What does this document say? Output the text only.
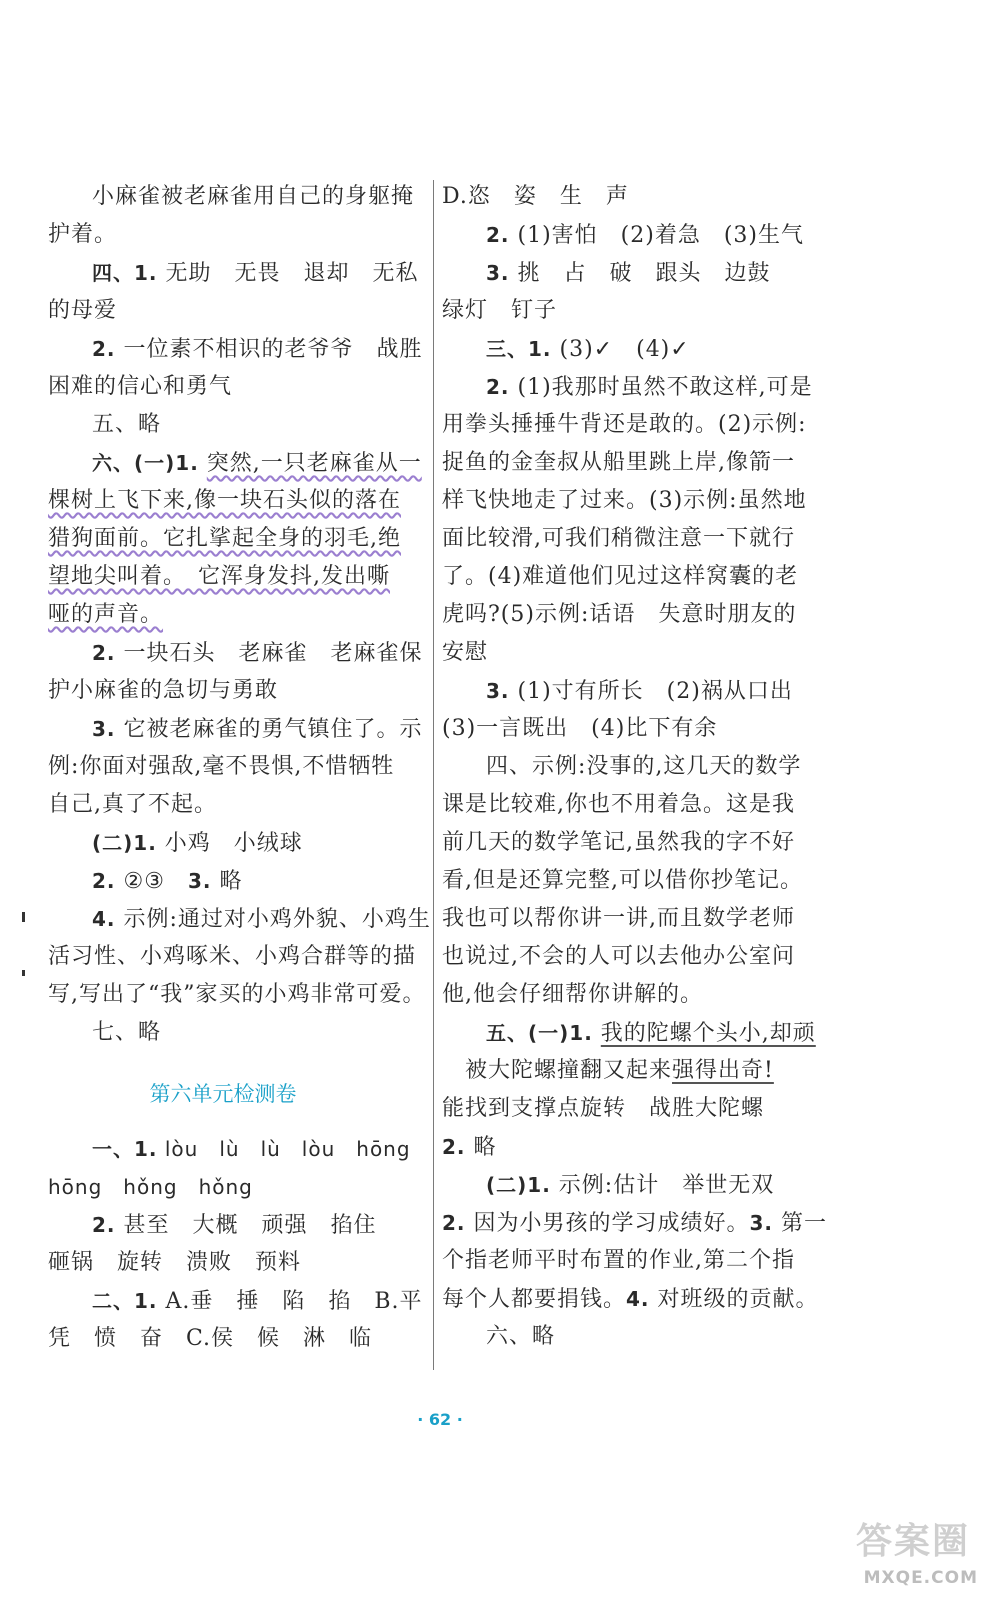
小麻雀被老麻雀用自己的身躯掩
护着。
四、1. 无助　无畏　退却　无私
的母爱
2. 一位素不相识的老爷爷　战胜
困难的信心和勇气
五、略
六、(一)1. 突然,一只老麻雀从一
棵树上飞下来,像一块石头似的落在
猎狗面前。它扎挲起全身的羽毛,绝
望地尖叫着。　它浑身发抖,发出嘶
哑的声音。
2. 一块石头　老麻雀　老麻雀保
护小麻雀的急切与勇敢
3. 它被老麻雀的勇气镇住了。示
例:你面对强敌,毫不畏惧,不惜牺牲
自己,真了不起。
(二)1. 小鸡　小绒球
2. ②③　3. 略
4. 示例:通过对小鸡外貌、小鸡生
活习性、小鸡啄米、小鸡合群等的描
写,写出了“我”家买的小鸡非常可爱。
七、略
第六单元检测卷
一、1. lòu　lù　lù　lòu　hōng
hōng　hǒng　hǒng
2. 甚至　大概　顽强　掐住
砸锅　旋转　溃败　预料
二、1. A.垂　捶　陷　掐　B.平
凭　愤　奋　C.侯　候　淋　临
D.恣　姿　生　声
2. (1)害怕　(2)着急　(3)生气
3. 挑　占　破　跟头　边鼓
绿灯　钉子
三、1. (3)✓　(4)✓
2. (1)我那时虽然不敢这样,可是
用拳头捶捶牛背还是敢的。(2)示例:
捉鱼的金奎叔从船里跳上岸,像箭一
样飞快地走了过来。(3)示例:虽然地
面比较滑,可我们稍微注意一下就行
了。(4)难道他们见过这样窝囊的老
虎吗?(5)示例:话语　失意时朋友的
安慰
3. (1)寸有所长　(2)祸从口出
(3)一言既出　(4)比下有余
四、示例:没事的,这几天的数学
课是比较难,你也不用着急。这是我
前几天的数学笔记,虽然我的字不好
看,但是还算完整,可以借你抄笔记。
我也可以帮你讲一讲,而且数学老师
也说过,不会的人可以去他办公室问
他,他会仔细帮你讲解的。
五、(一)1. 我的陀螺个头小,却顽
　被大陀螺撞翻又起来强得出奇!
能找到支撑点旋转　战胜大陀螺
2. 略
(二)1. 示例:估计　举世无双
2. 因为小男孩的学习成绩好。3. 第一
个指老师平时布置的作业,第二个指
每个人都要捐钱。4. 对班级的贡献。
六、略
· 62 ·
答案圈
MXQE.COM
